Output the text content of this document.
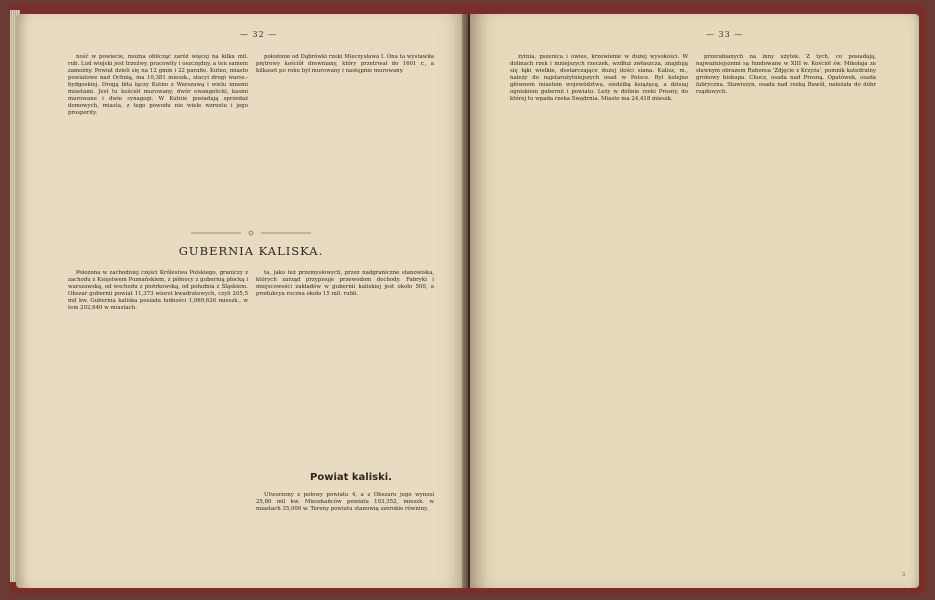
— 32 —

ność w powiecie, można oblicząć zaróż więcej na kilka mil. rub. Lud wiejski jest trzeźwy, pracowity i oszczędny, a ten samem zamożny. Powiat dzieli się na 12 gmin i 22 parafie. Kutno, miasto powiatowe nad Ochnią, ma 10,381 mieszk., stacyi drogi warsz.-bydgoskiej. Drogą bita łączy Kutno z Warszawą i wielu innemi miastami. Jest tu kościół murowany, dwór ewangelicki, kasmi murowane i dwie synagogi. W Kutnie posiadają sprzedaż domowych, miasta, z tego powodu nie wiele wzrostu i jego prosperity.

położonie od Dąbrówki rzeki Mieczysława I. Ona ta wystawiła piętrowy kościół drewniany, który przetrwał do 1601 r., a kilkaset po roku był murowany i następnie murowany.

GUBERNIA KALISKA.

Położona w zachodniej części Królestwa Polskiego, graniczy z zachodu z Księstwem Poznańskiem, z północy z gubernią płocką i warszawską, od wschodu z piotrkowską, od południa z Śląskiem. Obszar gubernii powiat 11,373 wiorst kwadratowych, czyli 205,5 mil kw. Gubernia kaliska posiada ludności 1,069,626 mieszk., w tem 202,640 w miastach.

ta, jako też przemysłowych, przez nadgraniczne stanowiska, których zarząd przypisuje przewodom dochody. Fabryki i miejscowości zakładów w gubernii kaliskiej jest około 500, a produkcya roczna około 15 mil. rubli.

Powiat kaliski.

Utworzony z połowy powiatu 4, a z Obszaru jego wynosi 25,80 mil kw. Mieszkańców powiatu 103,352, mieszk. w miastach 35,000 w. Tereny powiatu stanowią szerokie równiny.

— 33 —

żytnia, pszenica i owies, krzewienie w dużej wysokości. W dolinach rzek i mniejszych rzeczek, wzdłuż zwłaszcza, znajdują się łąki wielkie, dostarczające dużej ilości siana. Kalisz, m., należy do najstarożytniejszych osad w Polsce. Był kolejno głównem miastem województwa, siedzibą książęcą, a dzisiaj ogniskiem gubernii i powiatu. Leży w dolinie rzeki Prosny, do której tu wpada rzeka Swędrnia. Miasto ma 24,418 mieszk.

przerabianych na inny użytek. Z tych, co posiadają, najważniejszemi są fundowane w XIII w. Kościół św. Mikołaja ze sławnym obrazem Rubensa 'Zdjęcie z Krzyża', pomnik katedralny grobowy biskupa. Chocz, osada nad Prosną. Opatówek, osada fabryczna. Stawiszyn, osada nad rzeką Bawół, należała do dóbr rządowych.

3
